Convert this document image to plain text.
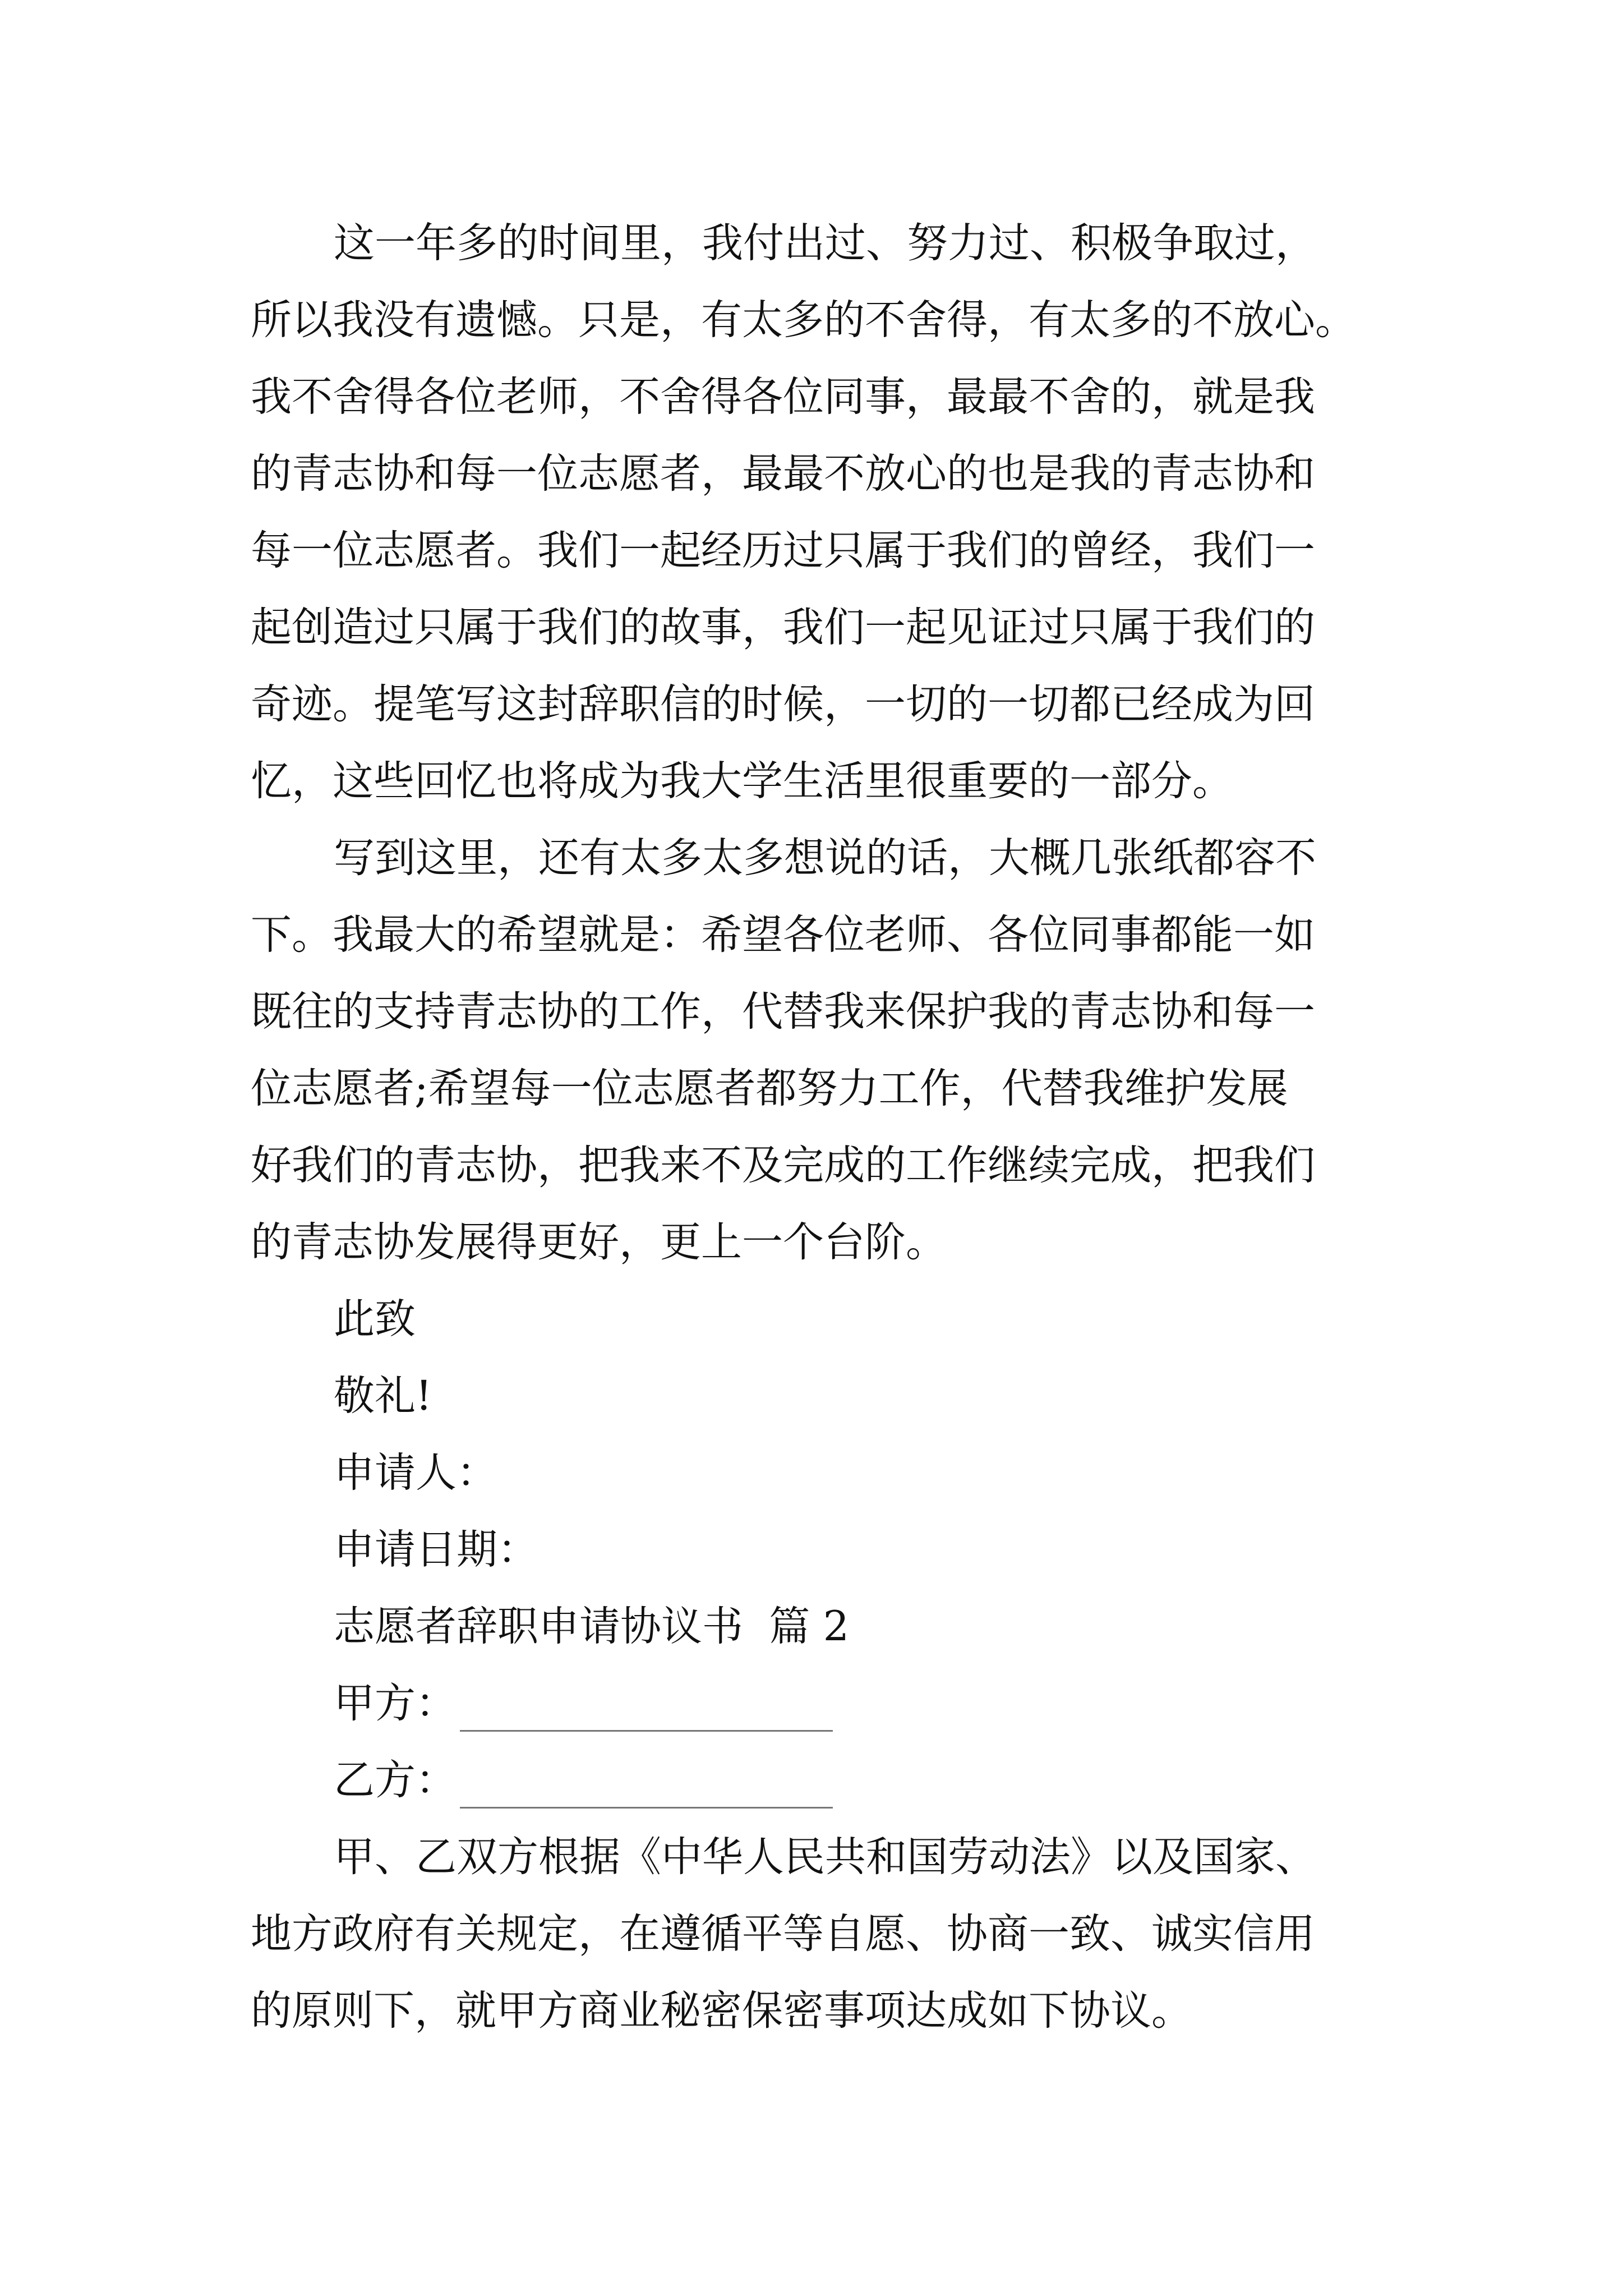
这一年多的时间里，我付出过、努力过、积极争取过，
所以我没有遗憾。只是，有太多的不舍得，有太多的不放心。
我不舍得各位老师，不舍得各位同事，最最不舍的，就是我
的青志协和每一位志愿者，最最不放心的也是我的青志协和
每一位志愿者。我们一起经历过只属于我们的曾经，我们一
起创造过只属于我们的故事，我们一起见证过只属于我们的
奇迹。提笔写这封辞职信的时候，一切的一切都已经成为回
忆，这些回忆也将成为我大学生活里很重要的一部分。
写到这里，还有太多太多想说的话，大概几张纸都容不
下。我最大的希望就是：希望各位老师、各位同事都能一如
既往的支持青志协的工作，代替我来保护我的青志协和每一
位志愿者;希望每一位志愿者都努力工作，代替我维护发展
好我们的青志协，把我来不及完成的工作继续完成，把我们
的青志协发展得更好，更上一个台阶。
此致
敬礼!
申请人：
申请日期：
志愿者辞职申请协议书  篇 2
甲方：
乙方：
甲、乙双方根据《中华人民共和国劳动法》以及国家、
地方政府有关规定，在遵循平等自愿、协商一致、诚实信用
的原则下，就甲方商业秘密保密事项达成如下协议。
